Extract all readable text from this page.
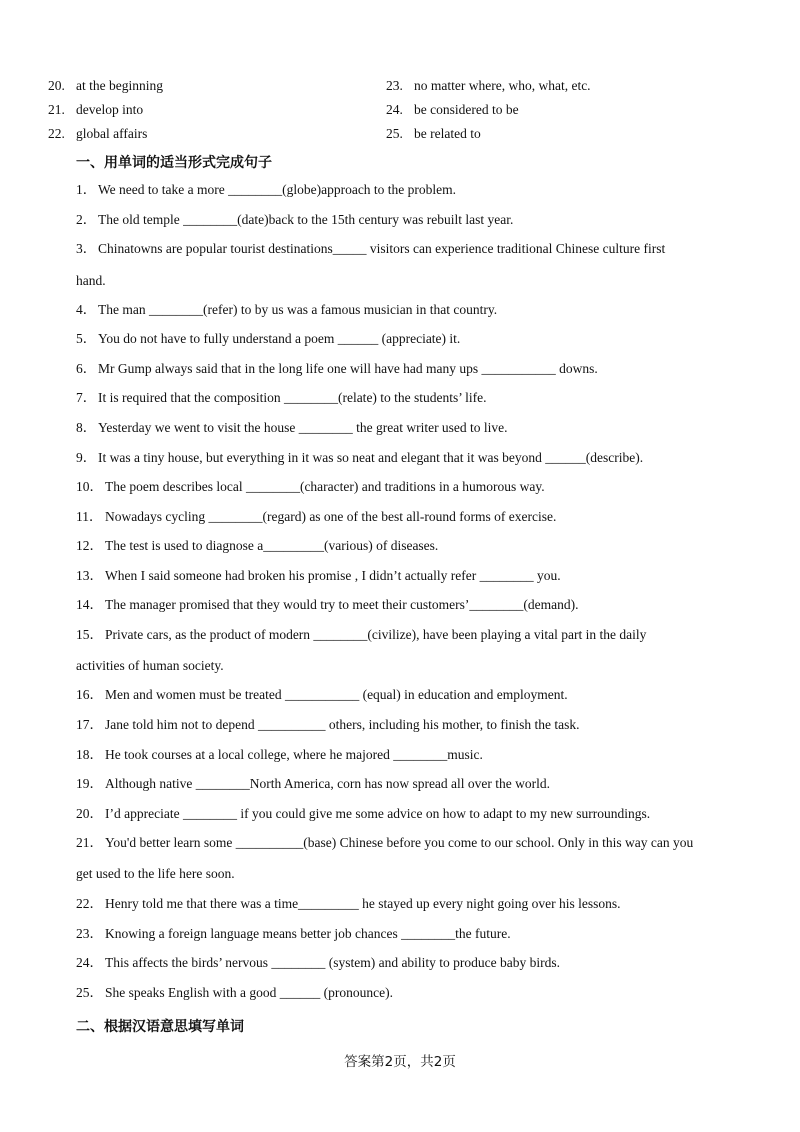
20. at the beginning
21. develop into
22. global affairs
23. no matter where, who, what, etc.
24. be considered to be
25. be related to
一、用单词的适当形式完成句子
1． We need to take a more ________(globe)approach to the problem.
2． The old temple ________(date)back to the 15th century was rebuilt last year.
3． Chinatowns are popular tourist destinations_____ visitors can experience traditional Chinese culture first
hand.
4． The man ________(refer) to by us was a famous musician in that country.
5． You do not have to fully understand a poem ______ (appreciate) it.
6． Mr Gump always said that in the long life one will have had many ups ___________ downs.
7． It is required that the composition ________(relate) to the students’ life.
8． Yesterday we went to visit the house ________ the great writer used to live.
9． It was a tiny house, but everything in it was so neat and elegant that it was beyond ______(describe).
10． The poem describes local ________(character) and traditions in a humorous way.
11． Nowadays cycling ________(regard) as one of the best all-round forms of exercise.
12． The test is used to diagnose a_________(various) of diseases.
13． When I said someone had broken his promise , I didn’t actually refer ________ you.
14． The manager promised that they would try to meet their customers’________(demand).
15． Private cars, as the product of modern ________(civilize), have been playing a vital part in the daily
activities of human society.
16． Men and women must be treated ___________ (equal) in education and employment.
17． Jane told him not to depend __________ others, including his mother, to finish the task.
18． He took courses at a local college, where he majored ________music.
19． Although native ________North America, corn has now spread all over the world.
20． I’d appreciate ________ if you could give me some advice on how to adapt to my new surroundings.
21． You'd better learn some __________(base) Chinese before you come to our school. Only in this way can you
get used to the life here soon.
22． Henry told me that there was a time_________ he stayed up every night going over his lessons.
23． Knowing a foreign language means better job chances ________the future.
24． This affects the birds’ nervous ________ (system) and ability to produce baby birds.
25． She speaks English with a good ______ (pronounce).
二、根据汉语意思填写单词
答案第2页，共2页
